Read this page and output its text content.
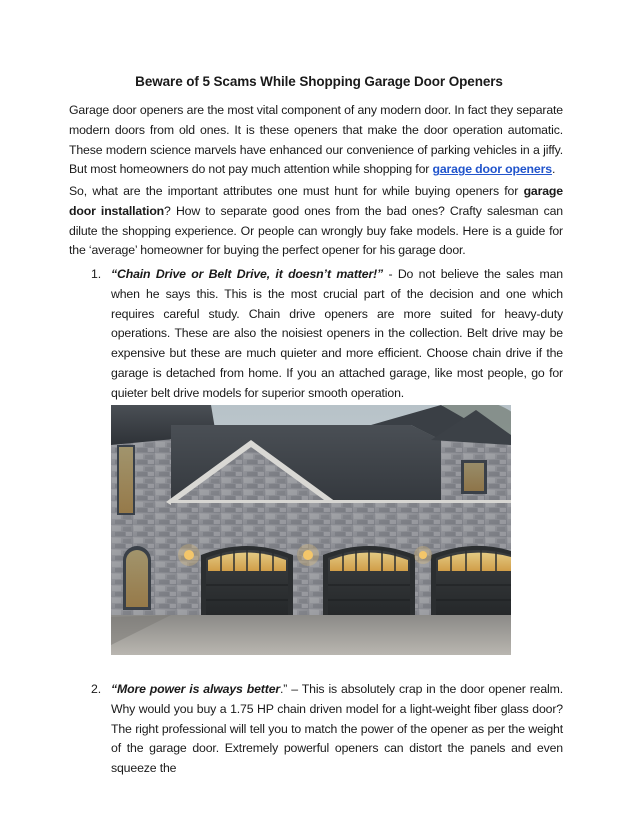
Beware of 5 Scams While Shopping Garage Door Openers
Garage door openers are the most vital component of any modern door. In fact they separate modern doors from old ones. It is these openers that make the door operation automatic. These modern science marvels have enhanced our convenience of parking vehicles in a jiffy. But most homeowners do not pay much attention while shopping for garage door openers.
So, what are the important attributes one must hunt for while buying openers for garage door installation? How to separate good ones from the bad ones? Crafty salesman can dilute the shopping experience. Or people can wrongly buy fake models. Here is a guide for the ‘average’ homeowner for buying the perfect opener for his garage door.
1. “Chain Drive or Belt Drive, it doesn’t matter!” - Do not believe the sales man when he says this. This is the most crucial part of the decision and one which requires careful study. Chain drive openers are more suited for heavy-duty operations. These are also the noisiest openers in the collection. Belt drive may be expensive but these are much quieter and more efficient. Choose chain drive if the garage is detached from home. If you an attached garage, like most people, go for quieter belt drive models for superior smooth operation.
2. “More power is always better.” – This is absolutely crap in the door opener realm. Why would you buy a 1.75 HP chain driven model for a light-weight fiber glass door? The right professional will tell you to match the power of the opener as per the weight of the garage door. Extremely powerful openers can distort the panels and even squeeze the
